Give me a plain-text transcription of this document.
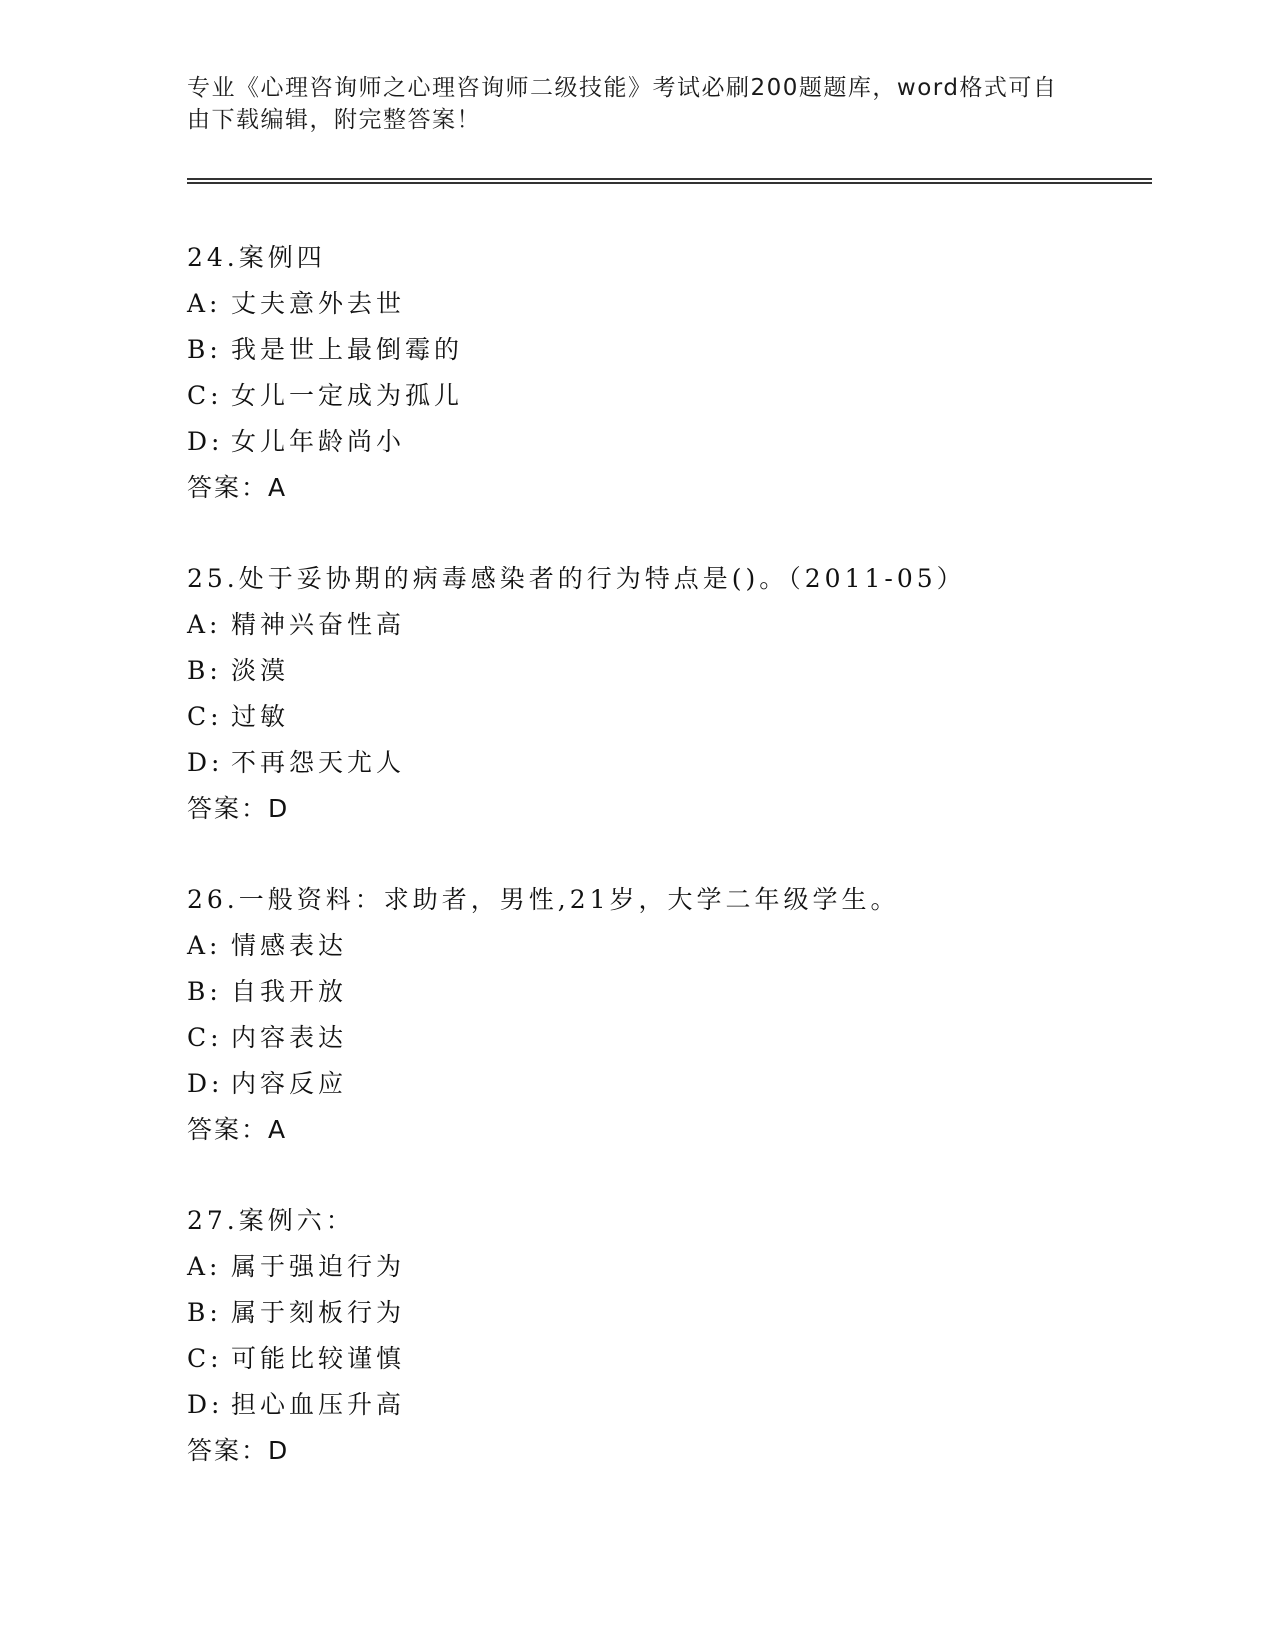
专业《心理咨询师之心理咨询师二级技能》考试必刷200题题库，word格式可自
由下载编辑，附完整答案！
24.案例四
A: 丈夫意外去世
B: 我是世上最倒霉的
C: 女儿一定成为孤儿
D: 女儿年龄尚小
答案：A
25.处于妥协期的病毒感染者的行为特点是()。（2011-05）
A: 精神兴奋性高
B: 淡漠
C: 过敏
D: 不再怨天尤人
答案：D
26.一般资料：求助者，男性,21岁，大学二年级学生。
A: 情感表达
B: 自我开放
C: 内容表达
D: 内容反应
答案：A
27.案例六：
A: 属于强迫行为
B: 属于刻板行为
C: 可能比较谨慎
D: 担心血压升高
答案：D
